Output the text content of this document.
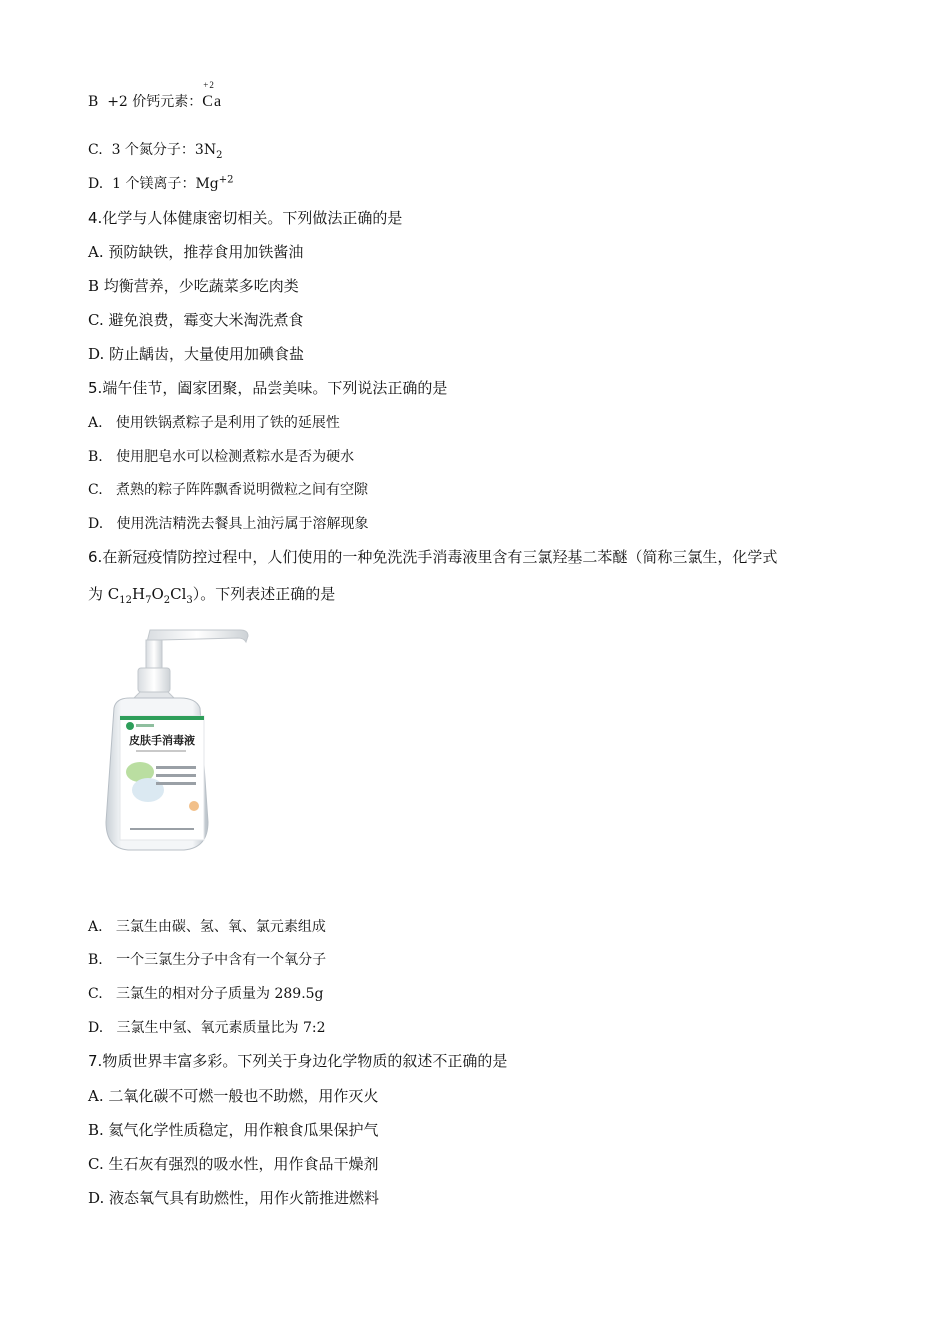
B +2 价钙元素：
+2
Ca
C. 3 个氮分子：$3N_2$
D. 1 个镁离子：$Mg^{+2}$
4.化学与人体健康密切相关。下列做法正确的是
A. 预防缺铁，推荐食用加铁酱油
B 均衡营养，少吃蔬菜多吃肉类
C. 避免浪费，霉变大米淘洗煮食
D. 防止龋齿，大量使用加碘食盐
5.端午佳节，阖家团聚，品尝美味。下列说法正确的是
A. 使用铁锅煮粽子是利用了铁的延展性
B. 使用肥皂水可以检测煮粽水是否为硬水
C. 煮熟的粽子阵阵飘香说明微粒之间有空隙
D. 使用洗洁精洗去餐具上油污属于溶解现象
6.在新冠疫情防控过程中，人们使用的一种免洗洗手消毒液里含有三氯羟基二苯醚（简称三氯生，化学式
为 $C_{12}H_7O_2Cl_3$）。下列表述正确的是
皮肤手消毒液
A. 三氯生由碳、氢、氧、氯元素组成
B. 一个三氯生分子中含有一个氧分子
C. 三氯生的相对分子质量为 289.5g
D. 三氯生中氢、氧元素质量比为 7:2
7.物质世界丰富多彩。下列关于身边化学物质的叙述不正确的是
A. 二氧化碳不可燃一般也不助燃，用作灭火
B. 氦气化学性质稳定，用作粮食瓜果保护气
C. 生石灰有强烈的吸水性，用作食品干燥剂
D. 液态氧气具有助燃性，用作火箭推进燃料
